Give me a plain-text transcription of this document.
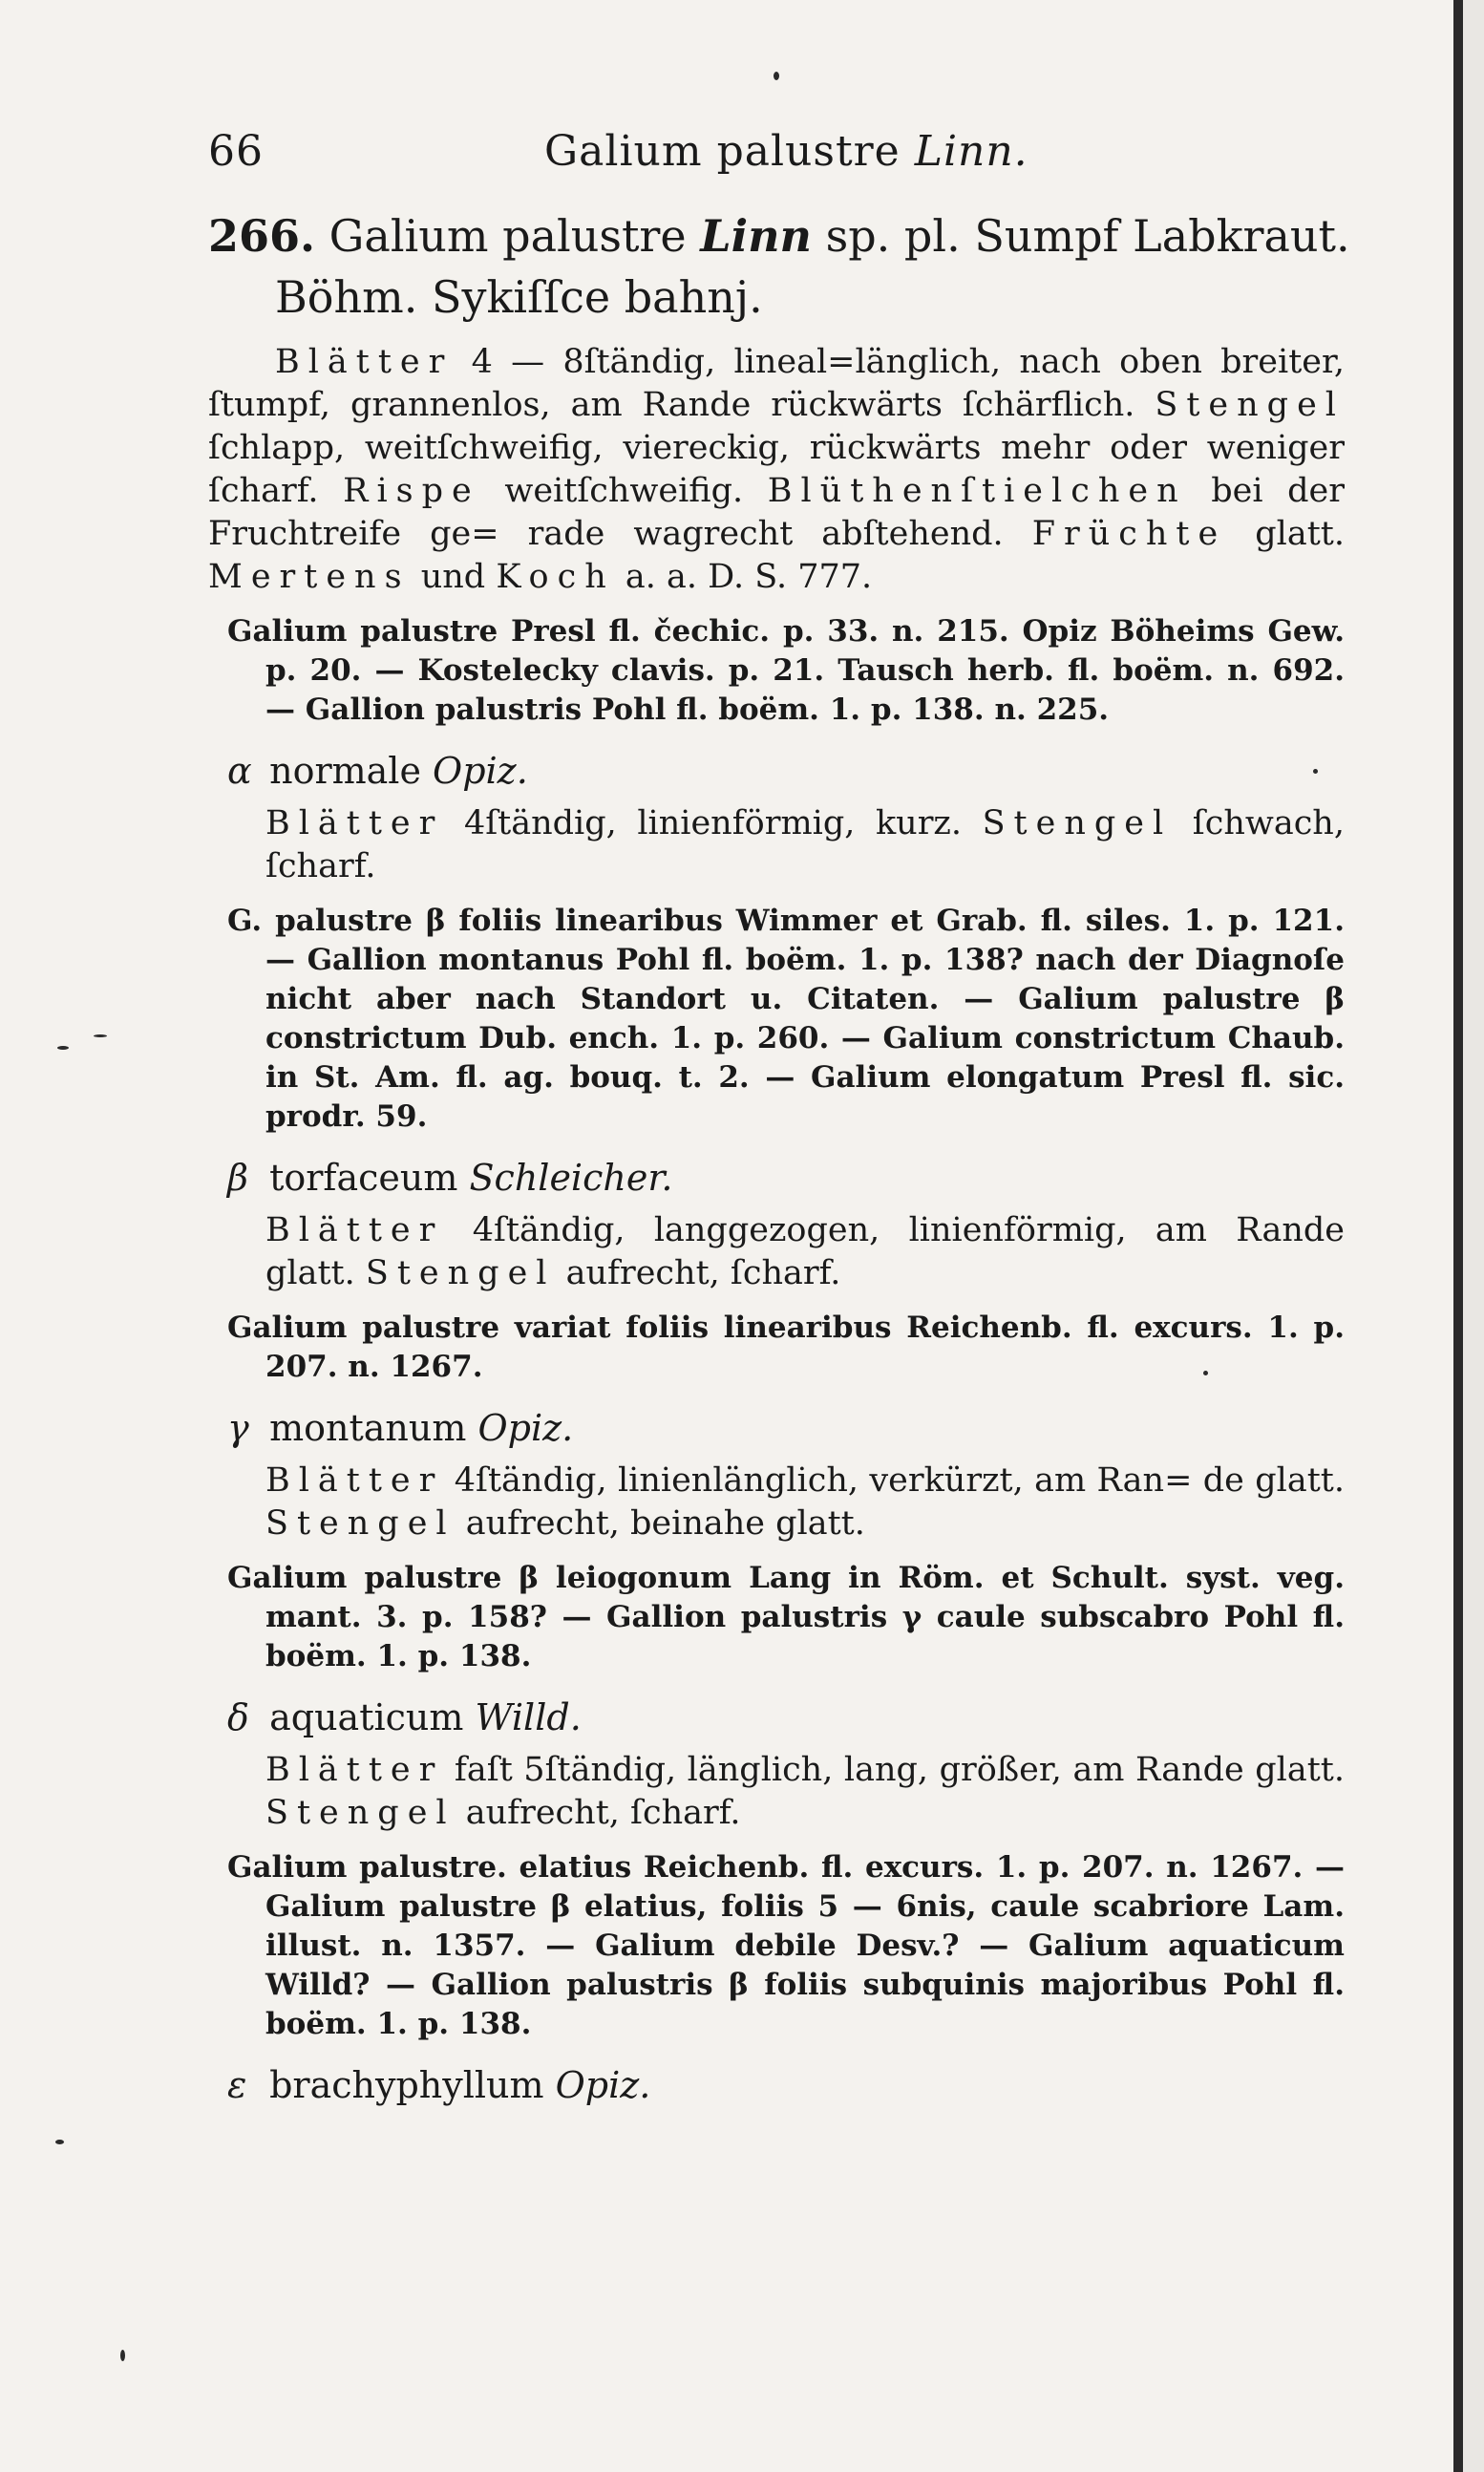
66	Galium palustre Linn.

266. Galium palustre Linn sp. pl. Sumpf Labkraut.

Böhm. Sykiſſce bahnj.

Blätter 4 — 8ſtändig, lineal=länglich, nach oben breiter, ſtumpf, grannenlos, am Rande rückwärts ſchärflich. Stengel ſchlapp, weitſchweifig, viereckig, rückwärts mehr oder weniger ſcharf. Rispe weitſchweifig. Blüthenſtielchen bei der Fruchtreife ge= rade wagrecht abſtehend. Früchte glatt. Mertens und Koch a. a. D. S. 777.

Galium palustre Presl fl. čechic. p. 33. n. 215. Opiz Böheims Gew. p. 20. — Kostelecky clavis. p. 21. Tausch herb. fl. boëm. n. 692. — Gallion palustris Pohl fl. boëm. 1. p. 138. n. 225.

α normale Opiz.

Blätter 4ſtändig, linienförmig, kurz. Stengel ſchwach, ſcharf.

G. palustre β foliis linearibus Wimmer et Grab. fl. siles. 1. p. 121. — Gallion montanus Pohl fl. boëm. 1. p. 138? nach der Diagnoſe nicht aber nach Standort u. Citaten. — Galium palustre β constrictum Dub. ench. 1. p. 260. — Galium constrictum Chaub. in St. Am. fl. ag. bouq. t. 2. — Galium elongatum Presl fl. sic. prodr. 59.

β torfaceum Schleicher.

Blätter 4ſtändig, langgezogen, linienförmig, am Rande glatt. Stengel aufrecht, ſcharf.

Galium palustre variat foliis linearibus Reichenb. fl. excurs. 1. p. 207. n. 1267.

γ montanum Opiz.

Blätter 4ſtändig, linienlänglich, verkürzt, am Ran= de glatt. Stengel aufrecht, beinahe glatt.

Galium palustre β leiogonum Lang in Röm. et Schult. syst. veg. mant. 3. p. 158? — Gallion palustris γ caule subscabro Pohl fl. boëm. 1. p. 138.

δ aquaticum Willd.

Blätter faſt 5ſtändig, länglich, lang, größer, am Rande glatt. Stengel aufrecht, ſcharf.

Galium palustre. elatius Reichenb. fl. excurs. 1. p. 207. n. 1267. — Galium palustre β elatius, foliis 5 — 6nis, caule scabriore Lam. illust. n. 1357. — Galium debile Desv.? — Galium aquaticum Willd? — Gallion palustris β foliis subquinis majoribus Pohl fl. boëm. 1. p. 138.

ε brachyphyllum Opiz.
